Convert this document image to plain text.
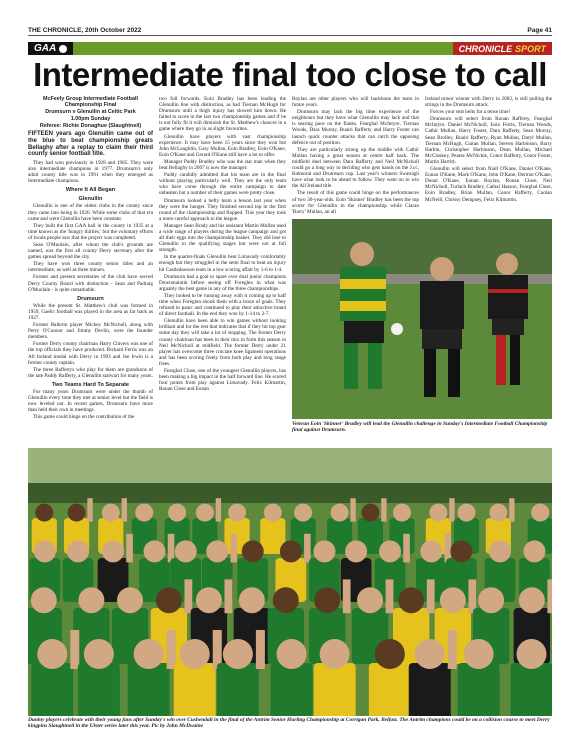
THE CHRONICLE, 20th October 2022	Page 41
GAA	CHRONICLE SPORT
Intermediate final too close to call

McFeely Group Intermediate Football Championship Final

Drumsurn v Glenullin at Celtic Park

1.00pm Sunday

Referee: Richie Donaghue (Slaughtneil)

FIFTEEN years ago Glenullin came out of the blue to beat championship greats Bellaghy after a replay to claim their third county senior football title.

They had won previously in 1928 and 1985. They were also intermediate champions in 1977. Drumsurn's only adult county title was in 1991 when they emerged as Intermediate champions.

Where It All Began
Glenullin

Glenullin is one of the oldest clubs in the county since they came into being in 1926. While some clubs of that era came and went Glenullin have been constant.

They built the first GAA hall in the county in 1935 at a time known as the 'hungry thirties,' but the voluntary efforts of locals people saw that the project was completed.

Sean O'Muolain, after whom the club's grounds are named, was the first all county Derry secretary after the games spread beyond the city.

They have won three county senior titles and an intermediate, as well as three minors.

Former and present secretaries of the club have served Derry County Board with distinction - Sean and Padraig O'Muolain - is quite remarkable.

Drumsurn

While the present St. Matthew's club was formed in 1959, Gaelic football was played in the area as far back as 1927.

Former Ballerin player Mickey McNicholl, along with Perry O'Connor and Jimmy Devlin, were the founder members.

Former Derry county chairman Harry Chivers was one of the top officials they have produced. Richard Ferris was an All Ireland medal with Derry in 1993 and Joe Irwin is a former county captain.

The three Raffertys who play for them are grandsons of the late Paddy Rafferty, a Glenullin stalwart for many years.

Two Teams Hard To Separate

For many years Drumsurn were under the thumb of Glenullin every time they met at senior level but the field is now leveled out. In recent games, Drumsurn have more than held their own in meetings.

This game could hinge on the contribution of the

two full forwards. Eoin Bradley has been leading the Glenullin line with distinction, as had Tiernan McHugh for Drumsurn until a thigh injury has slowed him down. He failed to score in the last two championship games and if he is not fully fit it will diminish the St. Matthew's chances in a game where they go in as slight favourites.

Glenullin have players with vast championship experience. It may have been 15 years since they won but John McLaughlin, Gary Mullan, Eoin Bradley, Eoin O'Kane, Eoin O'Kane and Gerard O'Kane still have a lot to offer.

Manager Paddy Bradley who was the star man when they beat Bellaghy in 2007 is now the manager.

Paddy candidly admitted that his team are in the final without playing particularly well. They are the only team who have come through the entire campaign to date unbeaten but a number of their games were pretty close.

Drumsurn looked a hefty team a lesson last year when they were the hunger. They finished second top in the first round of the championship and flopped. This year they took a more careful approach to the league.

Manager Sean Brady and his assistant Martin Mullan used a wide range of players during the league campaign and got all their eggs into the championship basket. They did lose to Glenullin in the qualifying stages but were not at full strength.

In the quarter-finals Glenullin beat Limavady comfortably enough but they struggled in the semi final to beat an injury hit Castledawson team in a low scoring affair by 1-6 to 1-4.

Drumsurn had a goal to spare over dual junior champions Downmaintin before seeing off Foreglen in what was arguably the best game in any of the three championships.

They looked to be running away with it coming up to half time when Foreglen shook them with a brace of goals. They refused to panic and continued to play their attractive brand of direct football. In the end they won by 1-14 to 2-7.

Glenullin have been able to win games without looking brilliant and for the rest that indicates that if they hit top gear some day they will take a lot of stopping. The former Derry county chairman has been in their mix in form this season in Neil McNicholl at midfield. The former Derry under 21 player has overcome three cruciate knee ligament operations and has been scoring freely from both play and long range frees.

Fearghal Close, one of the youngest Glenullin players, has been making a big impact in the half forward line. He scored four points from play against Limavady. Felix Kilmartin, Ronan Close and Eunan

Boylan are other players who will backbone the team in future years.

Drumsurn may lack the big time experience of the neighbours but they have what Glenullin may lack and that is searing pace on the flanks. Fearghal McIntyre, Tiernan Woods, Dara Murray, Ruairi Rafferty and Harry Foster can launch quick counter attacks that can catch the opposing defence out of position.

They are particularly strong up the middle with Cathir Mullan having a great season at centre half back. The midfield duel between Dara Rafferty and Neil McNicholl could go a long way to deciding who gets hands on the J.cc, Balmoral and Drumsurn cup. Last year's winners Swatragh have what look to be ahead to follow. They went on to win the All Ireland title.

The result of this game could hinge on the performances of two 30-year-olds. Eoin 'Skinner' Bradley has been the top scorer for Glenullin in the championship while Ciaran 'Barry' Mullan, an all

Ireland minor winner with Derry in 2002, is still pulling the strings in the Drumsurn attack.

Forces your seat belts for a tense time!

Drumsurn will select from Ronan Rafferty, Fearghal McIntyre, Daniel McNicholl, Eoin Ferris, Tiernan Woods, Cathir Mullan, Harry Foster, Dara Rafferty, Sean Murray, Sean Brolley, Ruairi Rafferty, Ryan Mullan, Daryl Mullan, Tiernan McHugh, Ciaran Mullan, Steven Harbinson, Barry Harbin, Christopher Harbinson, Dean Mullan, Michael McCloskey, Pearse McNickle, Conor Rafferty, Conor Foster, Martin Harrity.

Glenullin will select from Niall O'Kane, Daniel O'Kane, Eunan O'Kane, Mark O'Kane, John O'Kane, Dermot O'Kane, Donal O'Kane, Eunan Boylan, Ronan Close, Neil McNicholl, Turlach Bradley, Cathal Hasson, Fearghal Close, Eoin Bradley, Brian Mullan, Conor Rafferty, Caolan McNeill, Chrissy Dempsey, Felix Kilmartin.

Veteran Eoin 'Skinner' Bradley will lead the Glenullin challenge in Sunday's Intermediate Football Championship final against Drumsurn.

Dunloy players celebrate with their young fans after Sunday's win over Cushendall in the final of the Antrim Senior Hurling Championship at Corrigan Park, Belfast. The Antrim champions could be on a collision course to meet Derry kingpins Slaughtneil in the Ulster series later this year. Pic by John McIlwaine
